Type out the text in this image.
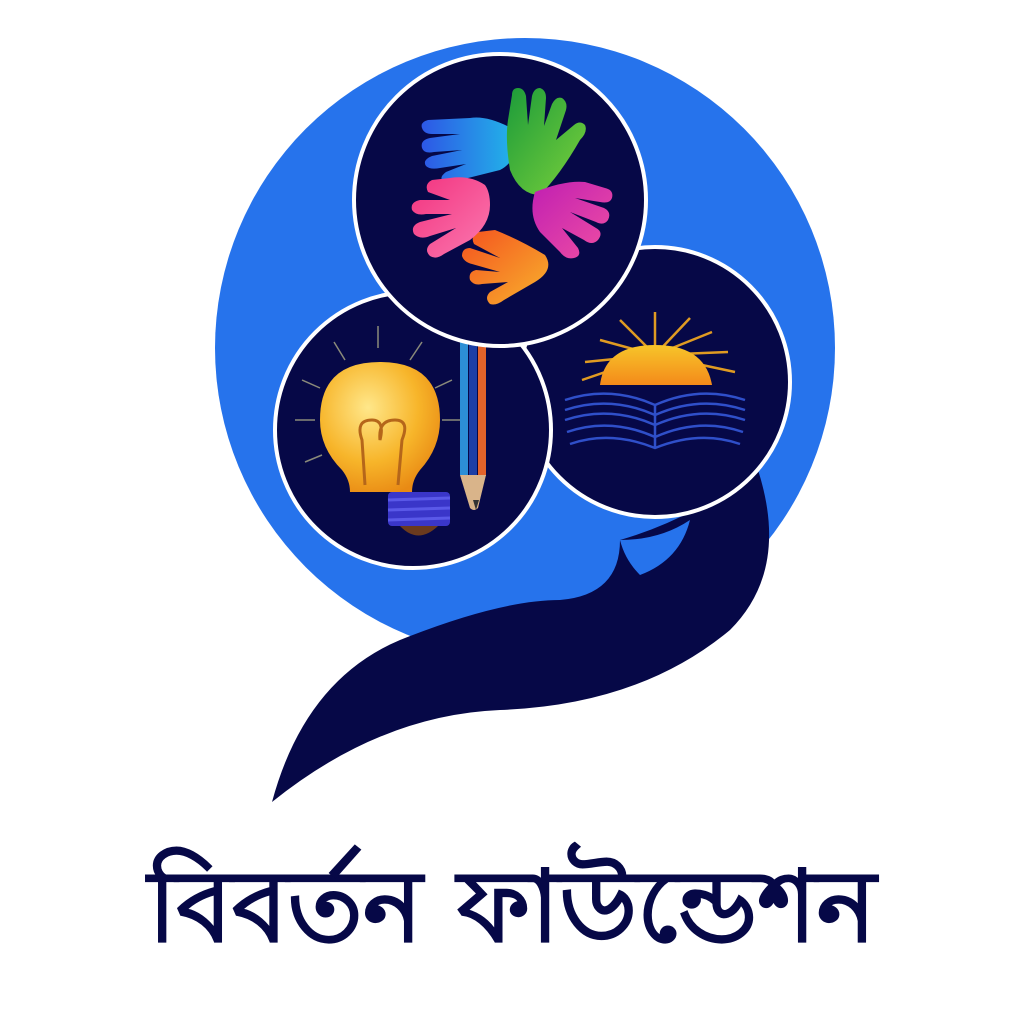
বিবর্তন ফাউন্ডেশন
